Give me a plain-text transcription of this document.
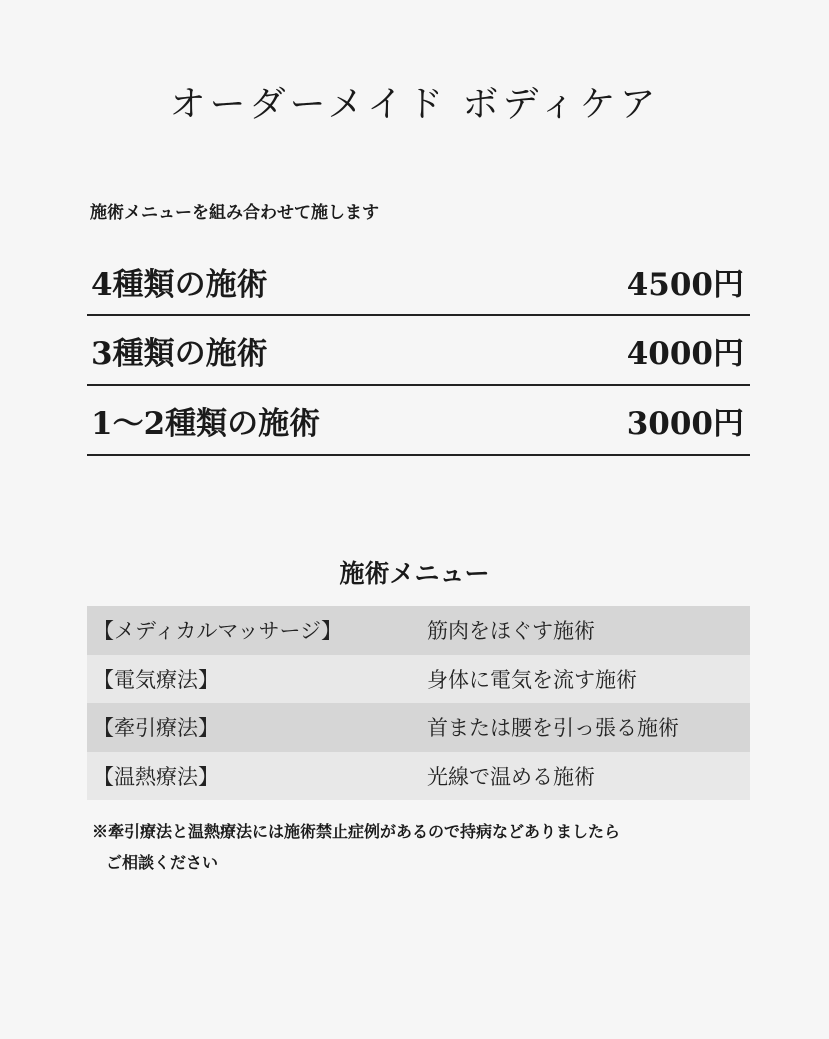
オーダーメイド ボディケア
施術メニューを組み合わせて施します
4種類の施術	4500円
3種類の施術	4000円
1～2種類の施術	3000円
施術メニュー
【メディカルマッサージ】	筋肉をほぐす施術
【電気療法】	身体に電気を流す施術
【牽引療法】	首または腰を引っ張る施術
【温熱療法】	光線で温める施術
※牽引療法と温熱療法には施術禁止症例があるので持病などありましたら
ご相談ください
